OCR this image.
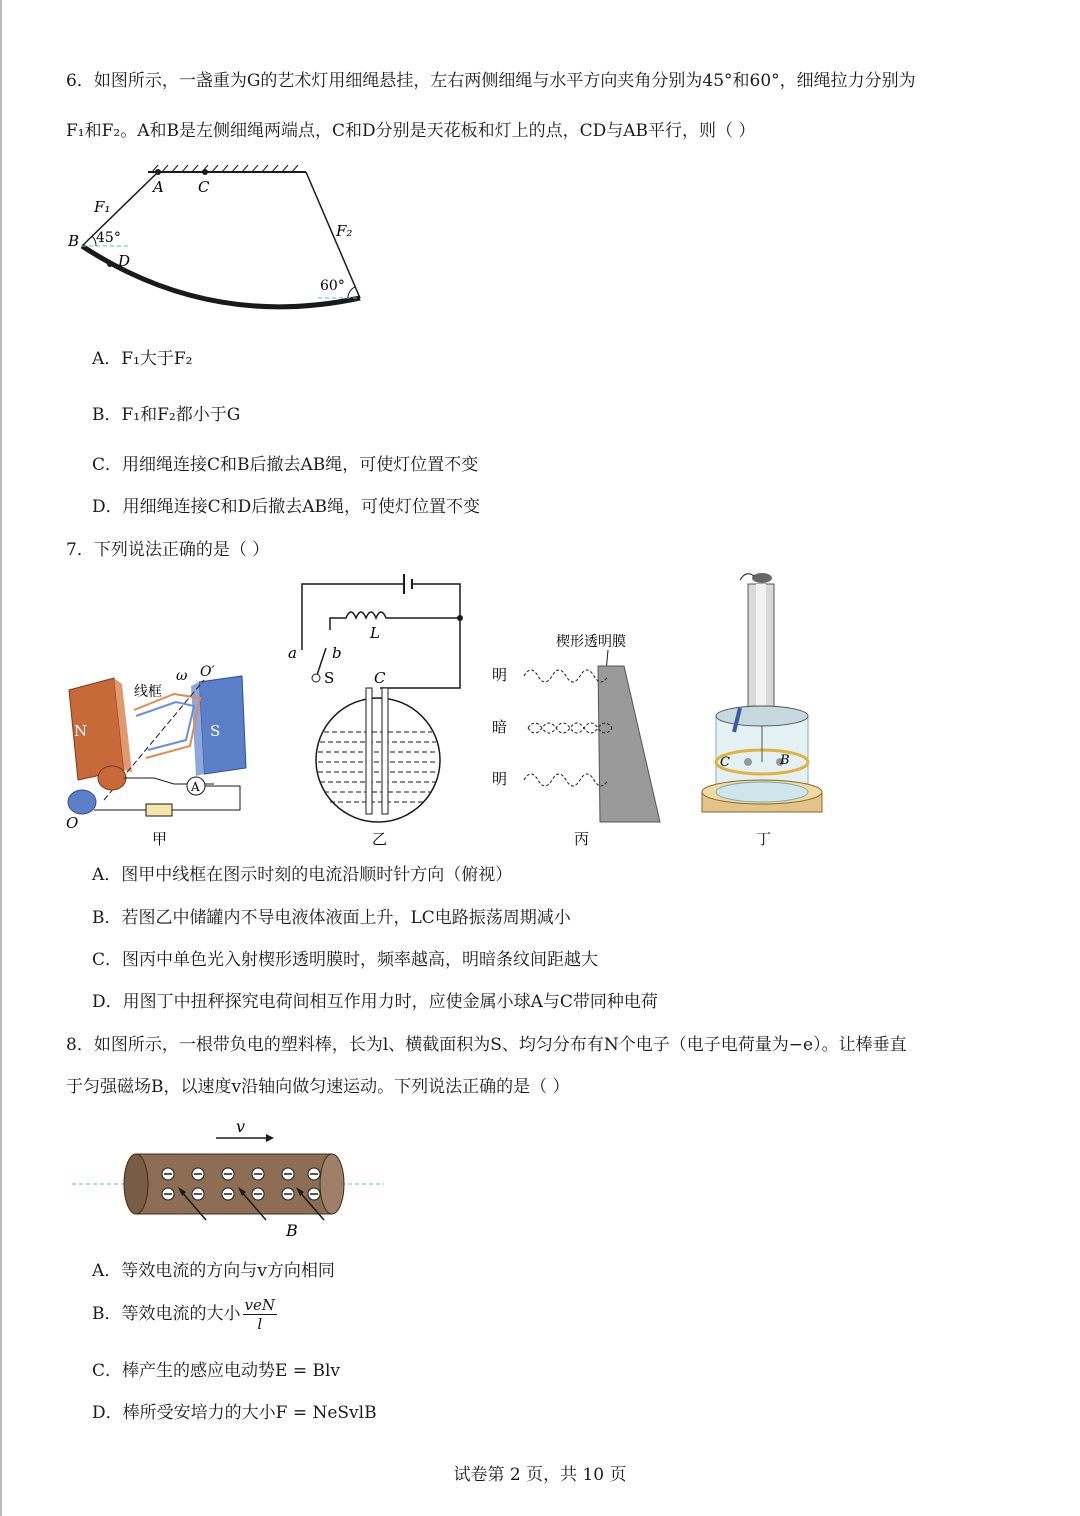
6．如图所示，一盏重为G的艺术灯用细绳悬挂，左右两侧细绳与水平方向夹角分别为45°和60°，细绳拉力分别为
F₁和F₂。A和B是左侧细绳两端点，C和D分别是天花板和灯上的点，CD与AB平行，则（ ）
A C
F₁
F₂
B
D
45°
60°
A．F₁大于F₂
B．F₁和F₂都小于G
C．用细绳连接C和B后撤去AB绳，可使灯位置不变
D．用细绳连接C和D后撤去AB绳，可使灯位置不变
7．下列说法正确的是（ ）
N	S
线框
ω O′
A
O
甲
L
a b
S	C
乙
楔形透明膜
明
暗
明
丙
C	B
丁
A．图甲中线框在图示时刻的电流沿顺时针方向（俯视）
B．若图乙中储罐内不导电液体液面上升，LC电路振荡周期减小
C．图丙中单色光入射楔形透明膜时，频率越高，明暗条纹间距越大
D．用图丁中扭秤探究电荷间相互作用力时，应使金属小球A与C带同种电荷
8．如图所示，一根带负电的塑料棒，长为l、横截面积为S、均匀分布有N个电子（电子电荷量为−e）。让棒垂直
于匀强磁场B，以速度v沿轴向做匀速运动。下列说法正确的是（ ）
v
B
A．等效电流的方向与v方向相同
B．等效电流的大小 $\frac{\text{veN}}{l}$
C．棒产生的感应电动势E = Blv
D．棒所受安培力的大小F = NeSvlB
试卷第 2 页，共 10 页
